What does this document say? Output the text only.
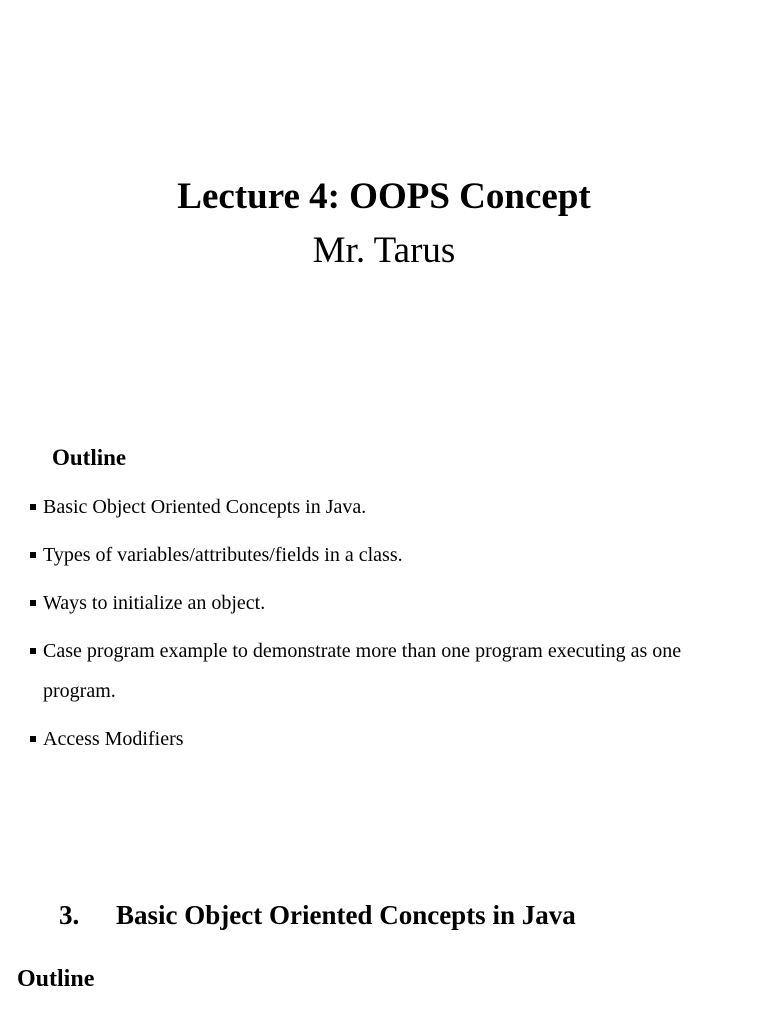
Lecture 4: OOPS Concept
Mr. Tarus
Outline
Basic Object Oriented Concepts in Java.
Types of variables/attributes/fields in a class.
Ways to initialize an object.
Case program example to demonstrate more than one program executing as one program.
Access Modifiers
3. Basic Object Oriented Concepts in Java
Outline
